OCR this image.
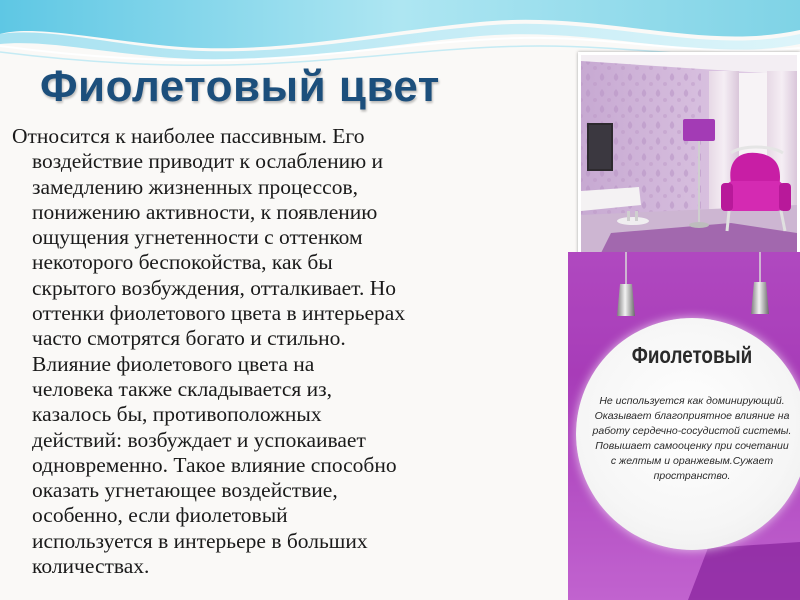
Фиолетовый цвет
Относится к наиболее пассивным. Его
воздействие приводит к ослаблению и
замедлению жизненных процессов,
понижению активности, к появлению
ощущения угнетенности с оттенком
некоторого беспокойства, как бы
скрытого возбуждения, отталкивает. Но
оттенки фиолетового цвета в интерьерах
часто смотрятся богато и стильно.
Влияние фиолетового цвета на
человека также складывается из,
казалось бы, противоположных
действий: возбуждает и успокаивает
одновременно. Такое влияние способно
оказать угнетающее воздействие,
особенно, если фиолетовый
используется в интерьере в больших
количествах.
Фиолетовый
Не используется как доминирующий.
Оказывает благоприятное влияние на
работу сердечно-сосудистой системы.
Повышает самооценку при сочетании
с желтым и оранжевым.Сужает
пространство.
